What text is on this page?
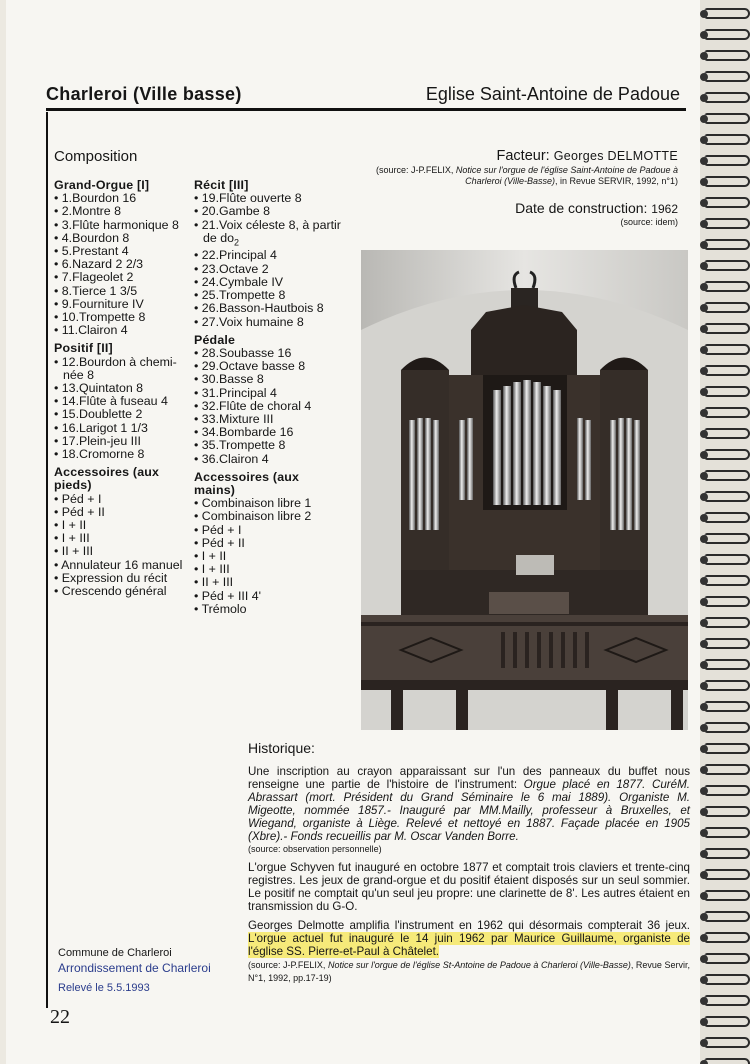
Charleroi (Ville basse)	Eglise Saint-Antoine de Padoue
Composition
Grand-Orgue [I]
• 1.Bourdon 16
• 2.Montre 8
• 3.Flûte harmonique 8
• 4.Bourdon 8
• 5.Prestant 4
• 6.Nazard 2 2/3
• 7.Flageolet 2
• 8.Tierce 1 3/5
• 9.Fourniture IV
• 10.Trompette 8
• 11.Clairon 4
Positif [II]
• 12.Bourdon à chemi-
née 8
• 13.Quintaton 8
• 14.Flûte à fuseau 4
• 15.Doublette 2
• 16.Larigot 1 1/3
• 17.Plein-jeu III
• 18.Cromorne 8
Accessoires (aux pieds)
• Péd + I
• Péd + II
• I + II
• I + III
• II + III
• Annulateur 16 manuel
• Expression du récit
• Crescendo général
Récit [III]
• 19.Flûte ouverte 8
• 20.Gambe 8
• 21.Voix céleste 8, à partir
de $do_2$
• 22.Principal 4
• 23.Octave 2
• 24.Cymbale IV
• 25.Trompette 8
• 26.Basson-Hautbois 8
• 27.Voix humaine 8
Pédale
• 28.Soubasse 16
• 29.Octave basse 8
• 30.Basse 8
• 31.Principal 4
• 32.Flûte de choral 4
• 33.Mixture III
• 34.Bombarde 16
• 35.Trompette 8
• 36.Clairon 4
Accessoires (aux mains)
• Combinaison libre 1
• Combinaison libre 2
• Péd + I
• Péd + II
• I + II
• I + III
• II + III
• Péd + III 4'
• Trémolo
Facteur: Georges DELMOTTE
(source: J-P.FELIX, Notice sur l'orgue de l'église Saint-Antoine de Padoue à Charleroi (Ville-Basse), in Revue SERVIR, 1992, n°1)
Date de construction: 1962
(source: idem)
Historique:

Une inscription au crayon apparaissant sur l'un des panneaux du buffet nous renseigne une partie de l'histoire de l'instrument: Orgue placé en 1877. CuréM. Abrassart (mort. Président du Grand Séminaire le 6 mai 1889). Organiste M. Migeotte, nommée 1857.- Inauguré par MM.Mailly, professeur à Bruxelles, et Wiegand, organiste à Liège. Relevé et nettoyé en 1887. Façade placée en 1905 (Xbre).- Fonds recueillis par M. Oscar Vanden Borre.
(source: observation personnelle)

L'orgue Schyven fut inauguré en octobre 1877 et comptait trois claviers et trente-cinq registres. Les jeux de grand-orgue et du positif étaient disposés sur un seul sommier. Le positif ne comptait qu'un seul jeu propre: une clarinette de 8'. Les autres étaient en transmission du G-O.

Georges Delmotte amplifia l'instrument en 1962 qui désormais compterait 36 jeux. L'orgue actuel fut inauguré le 14 juin 1962 par Maurice Guillaume, organiste de l'église SS. Pierre-et-Paul à Châtelet.
(source: J-P.FELIX, Notice sur l'orgue de l'église St-Antoine de Padoue à Charleroi (Ville-Basse), Revue Servir, N°1, 1992, pp.17-19)

Commune de Charleroi
Arrondissement de Charleroi
Relevé le 5.5.1993
22
